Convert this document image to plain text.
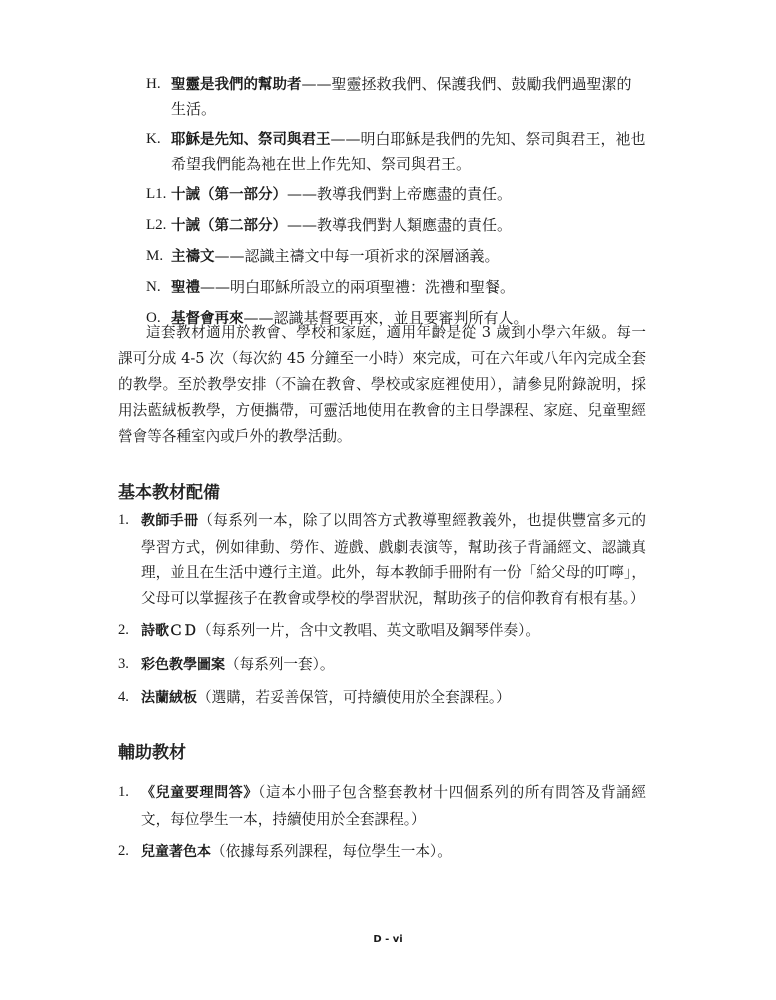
H. 聖靈是我們的幫助者——聖靈拯救我們、保護我們、鼓勵我們過聖潔的生活。
K. 耶穌是先知、祭司與君王——明白耶穌是我們的先知、祭司與君王，祂也希望我們能為祂在世上作先知、祭司與君王。
L1. 十誡（第一部分）——教導我們對上帝應盡的責任。
L2. 十誡（第二部分）——教導我們對人類應盡的責任。
M. 主禱文——認識主禱文中每一項祈求的深層涵義。
N. 聖禮——明白耶穌所設立的兩項聖禮：洗禮和聖餐。
O. 基督會再來——認識基督要再來，並且要審判所有人。

這套教材適用於教會、學校和家庭，適用年齡是從 3 歲到小學六年級。每一課可分成 4-5 次（每次約 45 分鐘至一小時）來完成，可在六年或八年內完成全套的教學。至於教學安排（不論在教會、學校或家庭裡使用），請參見附錄說明，採用法藍絨板教學，方便攜帶，可靈活地使用在教會的主日學課程、家庭、兒童聖經營會等各種室內或戶外的教學活動。

基本教材配備
1. 教師手冊（每系列一本，除了以問答方式教導聖經教義外，也提供豐富多元的學習方式，例如律動、勞作、遊戲、戲劇表演等，幫助孩子背誦經文、認識真理，並且在生活中遵行主道。此外，每本教師手冊附有一份「給父母的叮嚀」，父母可以掌握孩子在教會或學校的學習狀況，幫助孩子的信仰教育有根有基。）
2. 詩歌ＣＤ（每系列一片，含中文教唱、英文歌唱及鋼琴伴奏）。
3. 彩色教學圖案（每系列一套）。
4. 法蘭絨板（選購，若妥善保管，可持續使用於全套課程。）
輔助教材
1. 《兒童要理問答》（這本小冊子包含整套教材十四個系列的所有問答及背誦經文，每位學生一本，持續使用於全套課程。）
2. 兒童著色本（依據每系列課程，每位學生一本）。

D - vi
